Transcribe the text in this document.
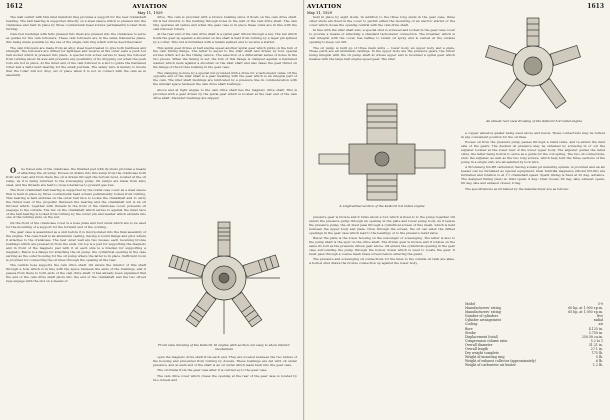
1612	AVIATION
May 11, 1929

The wall cermit with this inlet manifold ring provides a support for the rear crankshaft bearing. The ball bearing is supported directly on a steel sleeve which is pressed into the crankcase and held in place by three countersunk head screws permanently locked from turning.

Cam-rion bushings with felts pressed into them are pressed into the crankcase to serve as guides for the cam followers. These cam followers are in the same transverse plane, this being made possible by the use of the single cam ring which will be described later.

The cam followers are made from an alloy steel heat-treated to give both hardness and strength. The followers are drilled for lightness and receive at the outer ends a push rod ball socket which is pressed into place. A special lock screw serves to keep the follower from turning about its axis and prevents any possibility of its dropping out when the push rods are not in place. At the inner end of the cam follower is a slot to guide the hardened roller and a half-round bearing for the small journals. The safety wire is merely to insure that the roller will not drop out of place when it is not in contact with the cam as in assembly.

One travel side of the crankcase, the finished pad with its studs provides a means of attaching the oil sump. Excess oil drains into this sump from the crankcase both front and rear, and from there the oil is drawn through the bottom bowl, located at the oil sump, as it is being returned to the scavenging pump. Oil sumps are made from alloy steel, and the threads are held to close tolerances to prevent gas loss.

The front crankshaft ball bearing is supported by the crank case cover as a steel sleeve that is held in place by three countersunk head screws permanently locked from turning. This bearing is held endwise on the outer ball race to locate the crankshaft and to carry the thrust load of the propeller. Between the bearing and the crankshaft nut is an oil thrower which, together with threads in the front of the crankcase cover, prevents oil seepage to the outside. The nut on the crankshaft which serves to against the inner race of the ball bearing is locked from turning by the cotter pin and washer which extends into one of the turning slots on the nut.

On the front of the crankcase cover is a nose plate and four studs which are to be used for the mounting of a support for the forward end of the cowling.

The gear case is assembled as a unit before it is incorporated into the final assembly of the engine. The case itself is an aluminum casting, having a round flange and pilot where it attaches to the crankcase. The rear outer wall are two bosses, each receiving bronze bushings which are pressed in from the ends. On top is a pad for supporting the magneto and in front of the magneto pad with it at each side is a bracket for supporting a magneto. Below is a flange for attaching the oil pump, the cylindrical opening in the case serving as the outer housing for the oil pump where the latter is in place. Sufficient room is provided for connecting the oil lines through the opening at the rear.

The central boss supports the cam drive shaft. Oil enters the interior of this shaft through a hole which is in line with the space between the ends of the bushings, and it passes from there to both ends of the cam drive shaft. It has already been explained that the end of the cam drive shaft pilots into the end of the crankshaft and the two off-set lugs engage with the slot on a means of

drive. The cam is provided with a bronze bushing since it floats on the cam drive shaft. Oil is fed directly to the bushing through holes in the wall of the cam drive shaft. The cam ring operates all valves and when the gear case is in place these cams are in line with the cam follower rollers.

At the rear end of the cam drive shaft is a spiral gear driven through a key. The nut which holds the gear up against a shoulder on the shaft is held from turning by a taper pin splined by a cotter. This nut is furnished with a tensile splined end to receive a starter.

This spiral gear drives at half engine speed another spiral gear which pilots on the hub of the cam timing flange. The latter is keyed to the idler shaft and driven by four special screws which act as the timing device. The selection of a differential series of holes in the two pieces. When the timing is set, the hub of this flange is clamped against a hardened washer which rests against a shoulder on the idler shaft and also takes the gear thrust on the flange of the bronze bushing in the gear case.

The clamping is done by a special nut provided with a drive for a tachometer cable. Of the opposite end of the idler shaft is a gear meshing with the gear which is an integral part of the cam. The idler shaft bushings are lubricated by a pressure line in communication with the annular space between the cam drive shaft bushings.

Above and at right angles to the cam drive shaft lies the magneto drive shaft. This is provided with a gear driven by the spiral gear which is located at the rear end of the cam drive shaft. Shoulder bushings are slipped

Front view drawing of the Kelkord 10 engine with section cut away to show interior mechanism

open the magneto drive shaft from each end. They are located between the two halves of the housing and prevented from turning by dowels. These bushings are fed with oil under pressure, and at each end of the shaft is an oil outlet which leads back into the gear case.

The oil drains from the gear case after it is carried up to the gear case.

The cam drive cover which closes the opening at the rear of the gear case is located by two dowels and

AVIATION
May 11, 1929
1613

held in place by eight studs. In addition to the three long studs in the gear case, three other studs are fixed in the cover to permit either the mounting of an electric starter or the cover which closes the opening central with the cam drive shaft.

In line with the idler shaft axis, a special stud is screwed and locked in the gear case cover to provide a means of attaching a standard tachometer connection. The breather, which is cast integral with the cover, has baffles to retain oil spray and is vented at the outside opening to keep out dirt.

The oil pump is built up of three main units — lower body, an upper body and a plate. These parts are all aluminum castings. In the upper body are the pressure gears, the driver being integral with the oil pump shaft at whose upper end is mounted a spiral gear which meshes with the large half engine speed gear. The idler

An almost rear view drawing of the Kelkord 5-9 radial engine
A longitudinal section of the Kelkord 5-9 radial engine

pressure gear is bronze and it turns about a foot which is fixed to to the pump together. Oil enters the pressure pump through an opening in the plate and lower pump body. As it leaves the pressure pump, the oil must pass through a cylindrical screen of fine mesh, which is held between the upper body and plate. Once through the screen, the oil can enter the drilled openings in the gear case which lead to the bearings or to the pressure relief valve.

Below the plate is the lower housing on the scavenger or scavenging. The latter is also to the pump shaft is the spur on the drive shaft. The driven gear is bronze and it rotates on the same fix bolt as the pressure driven gear above. Oil enters the cylindrical opening in the gear case surrounding the pump through the hollow dowel which is used to locate the gear. It must pass through a coarse mesh brass screen before entering the gears.

The pressure and scavenging oil connections for the lines to the outside oil tank are alike. A hollow stud draws the bronze connection up against the lower body,

a copper asbestos gasket being used above and below. These connections may be turned in any convenient position for the oil lines.

Excess oil from the pressure pump passes through a relief valve, and re-enters the inlet side of the gears. The desired oil pressure may be obtained by screwing in or out the adjuster located at the lower rear of the lower upper body. The adjuster guides the relief valve, the latter being hollow to serve as a guide for the coil spring. The two oil connections, stub, the adjuster, as well as the two long screws, which help hold the three sections of the pump in a single unit, are all safetied by lock wire.

A Stromberg NA-R8 carburetor, having a main jet metering system, is provided and an air heater can be furnished as special equipment. Dual Scintilla magnetos (Model PN-9D) are furnished and rotation is at 1¼ crankshaft speed. Spark timing is fixed at 25 deg. advance. The designed timing (feet) is: Inlet opens, 0 deg.; Inlet closed, 60 deg. late; exhaust opens, 60 deg. late and exhaust closed, 0 deg.

The specifications as furnished by the manufacturer are as follows:

Model	5-9
Manufacturers' rating	60 hp. at 1,900 r.p.m.
Manufacturers' rating	65 hp. at 1,950 r.p.m.
Number of cylinders	five
Cylinder arrangement	radial
Cooling	air
Bore	4.125 in.
Stroke	3.750 in.
Displacement (total)	250.58 cu.in.
Compression volume ratio	5.2 to 1
Overall diameter	31.21 in.
Overall length	27.1 in.
Dry weight complete	175 lb.
Weight of mounting ring	5 lb.
Weight of exhaust collector (approximately)	6 lb.
Weight of carburetor air heater	1.2 lb.
